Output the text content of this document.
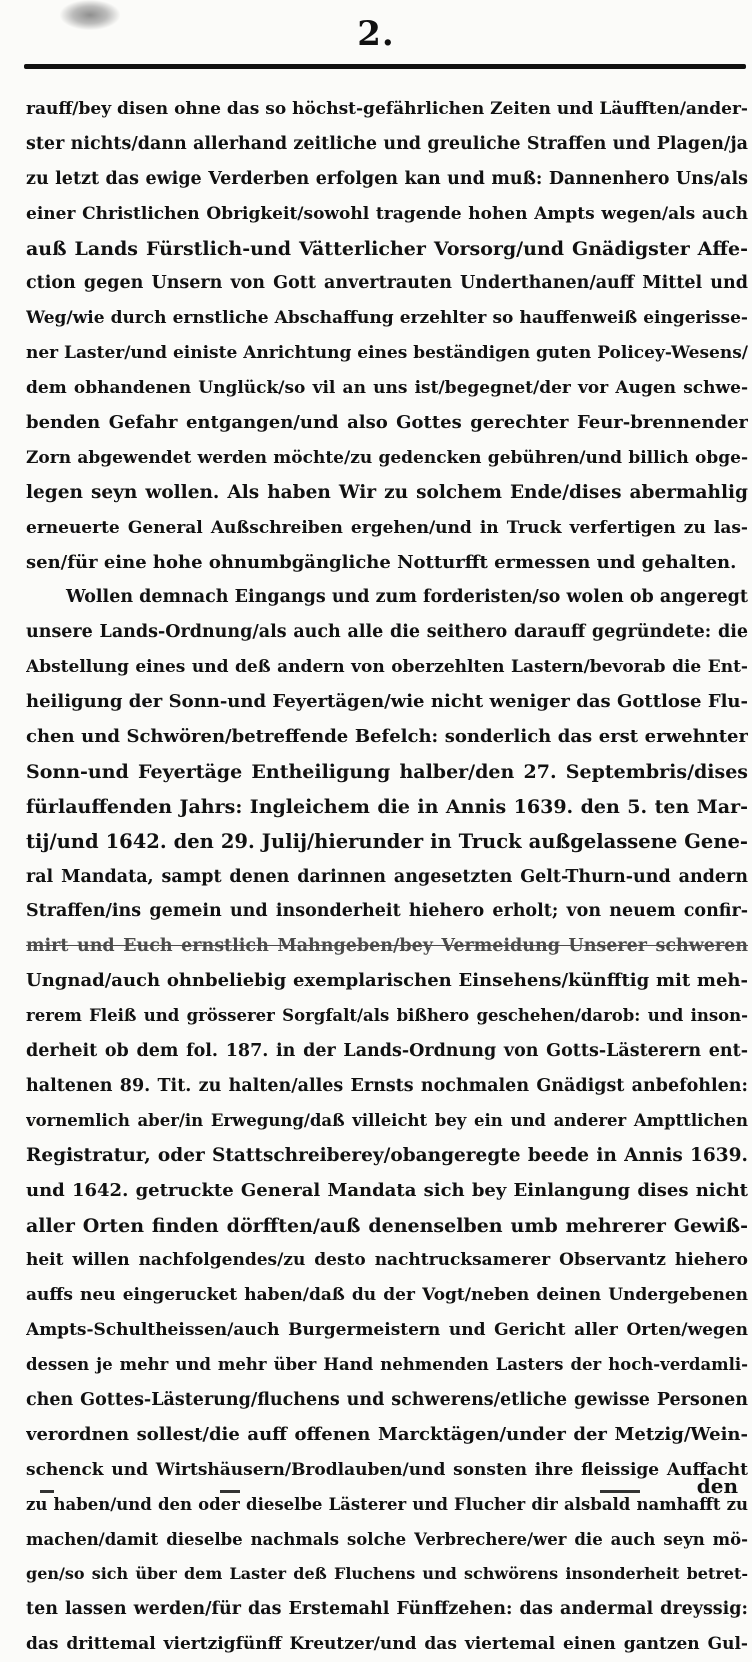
2.
rauff/bey disen ohne das so höchst-gefährlichen Zeiten und Läufften/ander-
ster nichts/dann allerhand zeitliche und greuliche Straffen und Plagen/ja
zu letzt das ewige Verderben erfolgen kan und muß: Dannenhero Uns/als
einer Christlichen Obrigkeit/sowohl tragende hohen Ampts wegen/als auch
auß Lands Fürstlich-und Vätterlicher Vorsorg/und Gnädigster Affe-
ction gegen Unsern von Gott anvertrauten Underthanen/auff Mittel und
Weg/wie durch ernstliche Abschaffung erzehlter so hauffenweiß eingerisse-
ner Laster/und einiste Anrichtung eines beständigen guten Policey-Wesens/
dem obhandenen Unglück/so vil an uns ist/begegnet/der vor Augen schwe-
benden Gefahr entgangen/und also Gottes gerechter Feur-brennender
Zorn abgewendet werden möchte/zu gedencken gebühren/und billich obge-
legen seyn wollen. Als haben Wir zu solchem Ende/dises abermahlig
erneuerte General Außschreiben ergehen/und in Truck verfertigen zu las-
sen/für eine hohe ohnumbgängliche Notturfft ermessen und gehalten.
Wollen demnach Eingangs und zum forderisten/so wolen ob angeregt
unsere Lands-Ordnung/als auch alle die seithero darauff gegründete: die
Abstellung eines und deß andern von oberzehlten Lastern/bevorab die Ent-
heiligung der Sonn-und Feyertägen/wie nicht weniger das Gottlose Flu-
chen und Schwören/betreffende Befelch: sonderlich das erst erwehnter
Sonn-und Feyertäge Entheiligung halber/den 27. Septembris/dises
fürlauffenden Jahrs: Ingleichem die in Annis 1639. den 5. ten Mar-
tij/und 1642. den 29. Julij/hierunder in Truck außgelassene Gene-
ral Mandata, sampt denen darinnen angesetzten Gelt-Thurn-und andern
Straffen/ins gemein und insonderheit hiehero erholt; von neuem confir-
mirt und Euch ernstlich Mahngeben/bey Vermeidung Unserer schweren
Ungnad/auch ohnbeliebig exemplarischen Einsehens/künfftig mit meh-
rerem Fleiß und grösserer Sorgfalt/als bißhero geschehen/darob: und inson-
derheit ob dem fol. 187. in der Lands-Ordnung von Gotts-Lästerern ent-
haltenen 89. Tit. zu halten/alles Ernsts nochmalen Gnädigst anbefohlen:
vornemlich aber/in Erwegung/daß villeicht bey ein und anderer Ampttlichen
Registratur, oder Stattschreiberey/obangeregte beede in Annis 1639.
und 1642. getruckte General Mandata sich bey Einlangung dises nicht
aller Orten finden dörfften/auß denenselben umb mehrerer Gewiß-
heit willen nachfolgendes/zu desto nachtrucksamerer Observantz hiehero
auffs neu eingerucket haben/daß du der Vogt/neben deinen Undergebenen
Ampts-Schultheissen/auch Burgermeistern und Gericht aller Orten/wegen
dessen je mehr und mehr über Hand nehmenden Lasters der hoch-verdamli-
chen Gottes-Lästerung/fluchens und schwerens/etliche gewisse Personen
verordnen sollest/die auff offenen Marcktägen/under der Metzig/Wein-
schenck und Wirtshäusern/Brodlauben/und sonsten ihre fleissige Auffacht
zu haben/und den oder dieselbe Lästerer und Flucher dir alsbald namhafft zu
machen/damit dieselbe nachmals solche Verbrechere/wer die auch seyn mö-
gen/so sich über dem Laster deß Fluchens und schwörens insonderheit betret-
ten lassen werden/für das Erstemahl Fünffzehen: das andermal dreyssig:
das drittemal viertzigfünff Kreutzer/und das viertemal einen gantzen Gul-
den
